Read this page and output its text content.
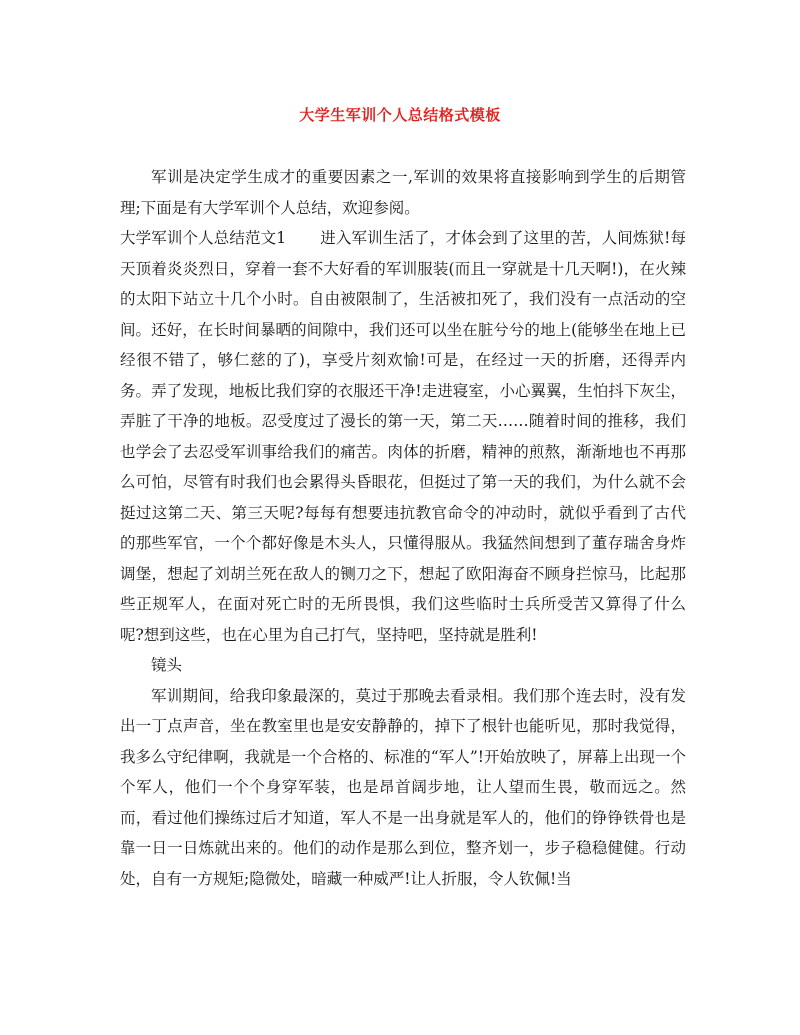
大学生军训个人总结格式模板

军训是决定学生成才的重要因素之一,军训的效果将直接影响到学生的后期管理;下面是有大学军训个人总结，欢迎参阅。

大学军训个人总结范文1 进入军训生活了，才体会到了这里的苦，人间炼狱!每天顶着炎炎烈日，穿着一套不大好看的军训服装(而且一穿就是十几天啊!)，在火辣的太阳下站立十几个小时。自由被限制了，生活被扣死了，我们没有一点活动的空间。还好，在长时间暴晒的间隙中，我们还可以坐在脏兮兮的地上(能够坐在地上已经很不错了，够仁慈的了)，享受片刻欢愉!可是，在经过一天的折磨，还得弄内务。弄了发现，地板比我们穿的衣服还干净!走进寝室，小心翼翼，生怕抖下灰尘，弄脏了干净的地板。忍受度过了漫长的第一天，第二天……随着时间的推移，我们也学会了去忍受军训事给我们的痛苦。肉体的折磨，精神的煎熬，渐渐地也不再那么可怕，尽管有时我们也会累得头昏眼花，但挺过了第一天的我们，为什么就不会挺过这第二天、第三天呢?每每有想要违抗教官命令的冲动时，就似乎看到了古代的那些军官，一个个都好像是木头人，只懂得服从。我猛然间想到了董存瑞舍身炸调堡，想起了刘胡兰死在敌人的铡刀之下，想起了欧阳海奋不顾身拦惊马，比起那些正规军人，在面对死亡时的无所畏惧，我们这些临时士兵所受苦又算得了什么呢?想到这些，也在心里为自己打气，坚持吧，坚持就是胜利!

镜头

军训期间，给我印象最深的，莫过于那晚去看录相。我们那个连去时，没有发出一丁点声音，坐在教室里也是安安静静的，掉下了根针也能听见，那时我觉得，我多么守纪律啊，我就是一个合格的、标准的“军人”!开始放映了，屏幕上出现一个个军人，他们一个个身穿军装，也是昂首阔步地，让人望而生畏，敬而远之。然而，看过他们操练过后才知道，军人不是一出身就是军人的，他们的铮铮铁骨也是靠一日一日炼就出来的。他们的动作是那么到位，整齐划一，步子稳稳健健。行动处，自有一方规矩;隐微处，暗藏一种威严!让人折服，令人钦佩!当
